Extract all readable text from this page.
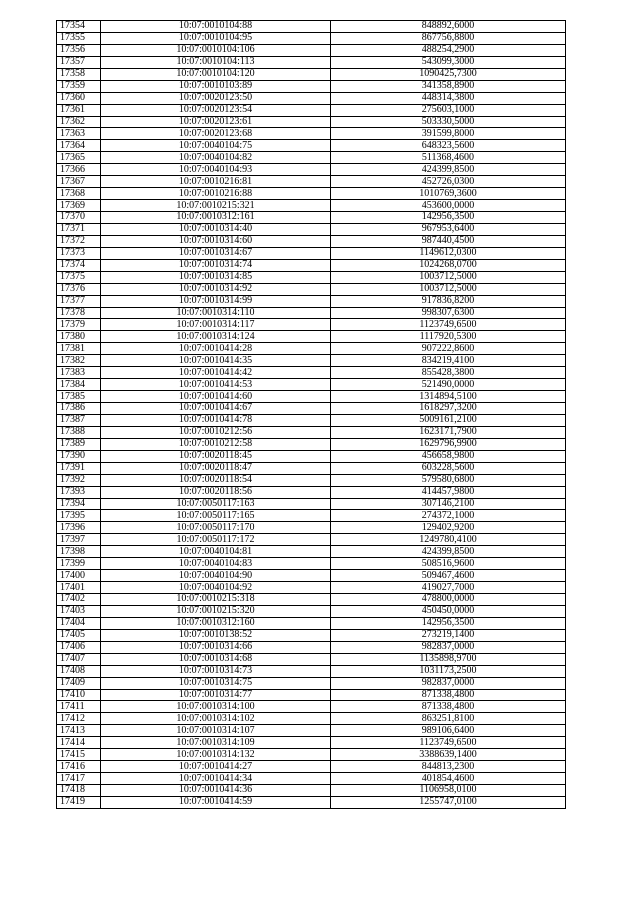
17354	10:07:0010104:88	848892,6000
17355	10:07:0010104:95	867756,8800
17356	10:07:0010104:106	488254,2900
17357	10:07:0010104:113	543099,3000
17358	10:07:0010104:120	1090425,7300
17359	10:07:0010103:89	341358,8900
17360	10:07:0020123:50	448314,3800
17361	10:07:0020123:54	275603,1000
17362	10:07:0020123:61	503330,5000
17363	10:07:0020123:68	391599,8000
17364	10:07:0040104:75	648323,5600
17365	10:07:0040104:82	511368,4600
17366	10:07:0040104:93	424399,8500
17367	10:07:0010216:81	452726,0300
17368	10:07:0010216:88	1010769,3600
17369	10:07:0010215:321	453600,0000
17370	10:07:0010312:161	142956,3500
17371	10:07:0010314:40	967953,6400
17372	10:07:0010314:60	987440,4500
17373	10:07:0010314:67	1149612,0300
17374	10:07:0010314:74	1024268,0700
17375	10:07:0010314:85	1003712,5000
17376	10:07:0010314:92	1003712,5000
17377	10:07:0010314:99	917836,8200
17378	10:07:0010314:110	998307,6300
17379	10:07:0010314:117	1123749,6500
17380	10:07:0010314:124	1117920,5300
17381	10:07:0010414:28	907222,8600
17382	10:07:0010414:35	834219,4100
17383	10:07:0010414:42	855428,3800
17384	10:07:0010414:53	521490,0000
17385	10:07:0010414:60	1314894,5100
17386	10:07:0010414:67	1618297,3200
17387	10:07:0010414:78	5009161,2100
17388	10:07:0010212:56	1623171,7900
17389	10:07:0010212:58	1629796,9900
17390	10:07:0020118:45	456658,9800
17391	10:07:0020118:47	603228,5600
17392	10:07:0020118:54	579580,6800
17393	10:07:0020118:56	414457,9800
17394	10:07:0050117:163	307146,2100
17395	10:07:0050117:165	274372,1000
17396	10:07:0050117:170	129402,9200
17397	10:07:0050117:172	1249780,4100
17398	10:07:0040104:81	424399,8500
17399	10:07:0040104:83	508516,9600
17400	10:07:0040104:90	509467,4600
17401	10:07:0040104:92	419027,7000
17402	10:07:0010215:318	478800,0000
17403	10:07:0010215:320	450450,0000
17404	10:07:0010312:160	142956,3500
17405	10:07:0010138:52	273219,1400
17406	10:07:0010314:66	982837,0000
17407	10:07:0010314:68	1135898,9700
17408	10:07:0010314:73	1031173,2500
17409	10:07:0010314:75	982837,0000
17410	10:07:0010314:77	871338,4800
17411	10:07:0010314:100	871338,4800
17412	10:07:0010314:102	863251,8100
17413	10:07:0010314:107	989106,6400
17414	10:07:0010314:109	1123749,6500
17415	10:07:0010314:132	3388639,1400
17416	10:07:0010414:27	844813,2300
17417	10:07:0010414:34	401854,4600
17418	10:07:0010414:36	1106958,0100
17419	10:07:0010414:59	1255747,0100
